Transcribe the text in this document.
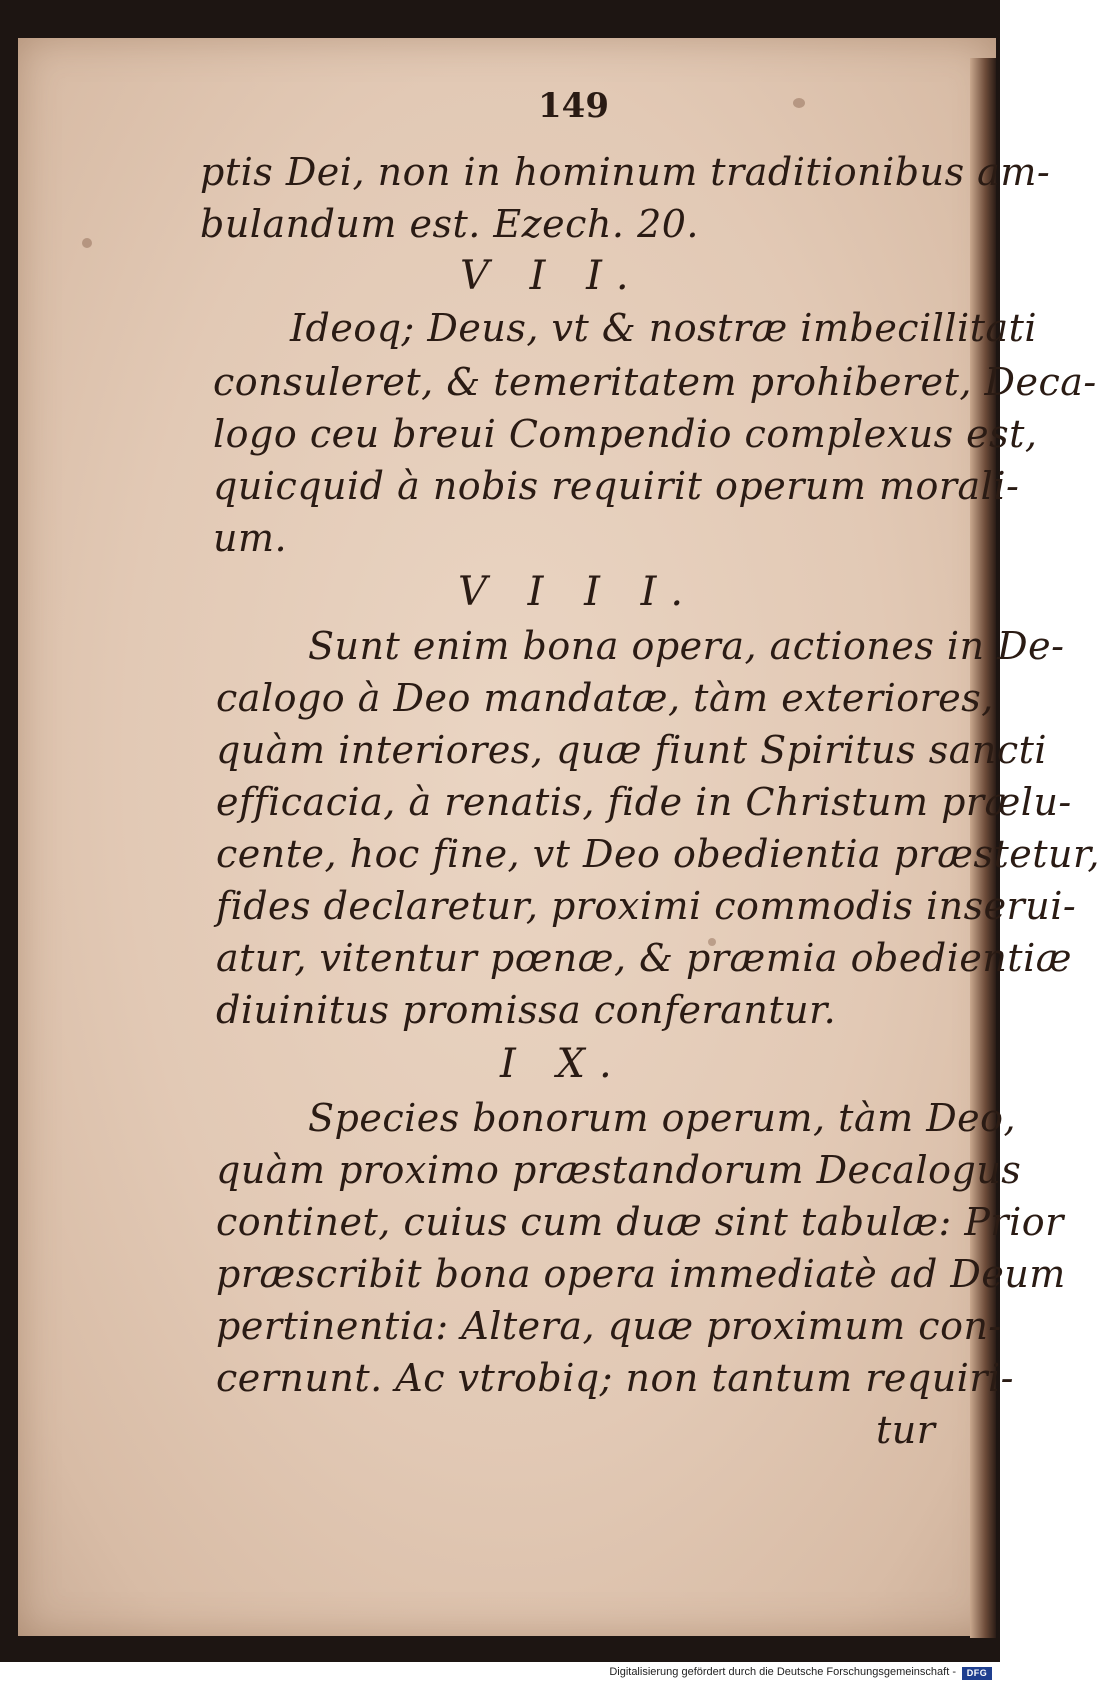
149
ptis Dei, non in hominum traditionibus am-
bulandum est. Ezech. 20.
V I I.
Ideoq; Deus, vt & nostræ imbecillitati
consuleret, & temeritatem prohiberet, Deca-
logo ceu breui Compendio complexus est,
quicquid à nobis requirit operum morali-
um.
V I I I.
Sunt enim bona opera, actiones in De-
calogo à Deo mandatæ, tàm exteriores,
quàm interiores, quæ fiunt Spiritus sancti
efficacia, à renatis, fide in Christum prælu-
cente, hoc fine, vt Deo obedientia præstetur,
fides declaretur, proximi commodis inserui-
atur, vitentur pœnæ, & præmia obedientiæ
diuinitus promissa conferantur.
I X.
Species bonorum operum, tàm Deo,
quàm proximo præstandorum Decalogus
continet, cuius cum duæ sint tabulæ: Prior
præscribit bona opera immediatè ad Deum
pertinentia: Altera, quæ proximum con-
cernunt. Ac vtrobiq; non tantum requiri-
tur
Digitalisierung gefördert durch die Deutsche Forschungsgemeinschaft -	DFG
